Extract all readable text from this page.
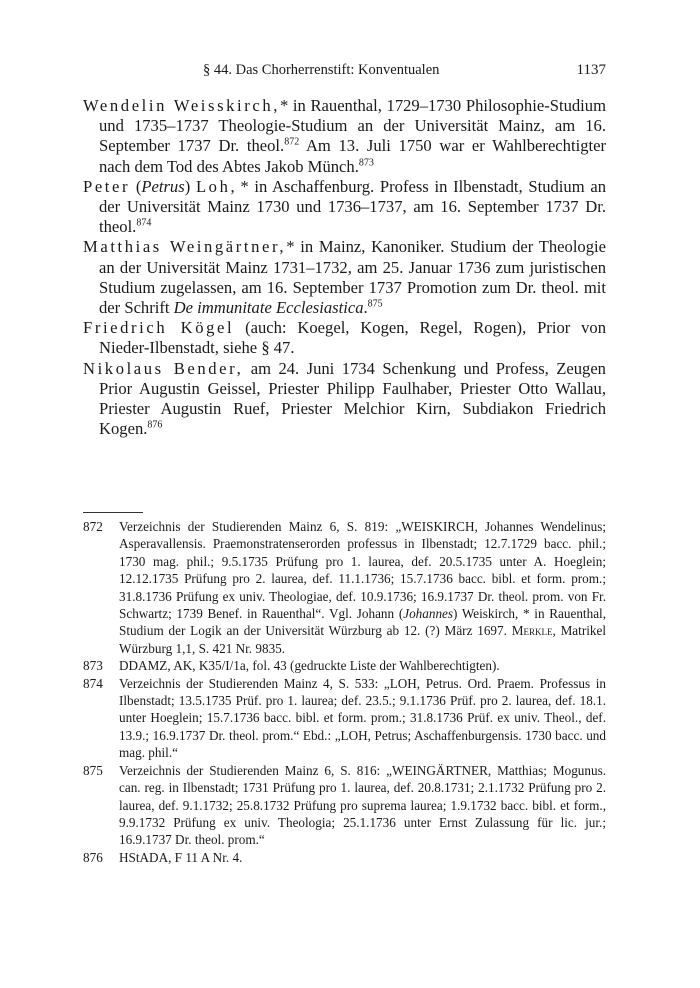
§ 44. Das Chorherrenstift: Konventualen	1137

Wendelin Weisskirch,* in Rauenthal, 1729–1730 Philosophie-Studium und 1735–1737 Theologie-Studium an der Universität Mainz, am 16. September 1737 Dr. theol.$^{872}$ Am 13. Juli 1750 war er Wahlberechtigter nach dem Tod des Abtes Jakob Münch.$^{873}$

Peter (Petrus) Loh, * in Aschaffenburg. Profess in Ilbenstadt, Studium an der Universität Mainz 1730 und 1736–1737, am 16. September 1737 Dr. theol.$^{874}$

Matthias Weingärtner,* in Mainz, Kanoniker. Studium der Theologie an der Universität Mainz 1731–1732, am 25. Januar 1736 zum juristischen Studium zugelassen, am 16. September 1737 Promotion zum Dr. theol. mit der Schrift De immunitate Ecclesiastica.$^{875}$

Friedrich Kögel (auch: Koegel, Kogen, Regel, Rogen), Prior von Nieder-Ilbenstadt, siehe § 47.

Nikolaus Bender, am 24. Juni 1734 Schenkung und Profess, Zeugen Prior Augustin Geissel, Priester Philipp Faulhaber, Priester Otto Wallau, Priester Augustin Ruef, Priester Melchior Kirn, Subdiakon Friedrich Kogen.$^{876}$

872 Verzeichnis der Studierenden Mainz 6, S. 819: „WEISKIRCH, Johannes Wendelinus; Asperavallensis. Praemonstratenserorden professus in Ilbenstadt; 12.7.1729 bacc. phil.; 1730 mag. phil.; 9.5.1735 Prüfung pro 1. laurea, def. 20.5.1735 unter A. Hoeglein; 12.12.1735 Prüfung pro 2. laurea, def. 11.1.1736; 15.7.1736 bacc. bibl. et form. prom.; 31.8.1736 Prüfung ex univ. Theologiae, def. 10.9.1736; 16.9.1737 Dr. theol. prom. von Fr. Schwartz; 1739 Benef. in Rauenthal“. Vgl. Johann (Johannes) Weiskirch, * in Rauenthal, Studium der Logik an der Universität Würzburg ab 12. (?) März 1697. Merkle, Matrikel Würzburg 1,1, S. 421 Nr. 9835.
873 DDAMZ, AK, K35/I/1a, fol. 43 (gedruckte Liste der Wahlberechtigten).
874 Verzeichnis der Studierenden Mainz 4, S. 533: „LOH, Petrus. Ord. Praem. Professus in Ilbenstadt; 13.5.1735 Prüf. pro 1. laurea; def. 23.5.; 9.1.1736 Prüf. pro 2. laurea, def. 18.1. unter Hoeglein; 15.7.1736 bacc. bibl. et form. prom.; 31.8.1736 Prüf. ex univ. Theol., def. 13.9.; 16.9.1737 Dr. theol. prom.“ Ebd.: „LOH, Petrus; Aschaffenburgensis. 1730 bacc. und mag. phil.“
875 Verzeichnis der Studierenden Mainz 6, S. 816: „WEINGÄRTNER, Matthias; Mogunus. can. reg. in Ilbenstadt; 1731 Prüfung pro 1. laurea, def. 20.8.1731; 2.1.1732 Prüfung pro 2. laurea, def. 9.1.1732; 25.8.1732 Prüfung pro suprema laurea; 1.9.1732 bacc. bibl. et form., 9.9.1732 Prüfung ex univ. Theologia; 25.1.1736 unter Ernst Zulassung für lic. jur.; 16.9.1737 Dr. theol. prom.“
876 HStADA, F 11 A Nr. 4.
